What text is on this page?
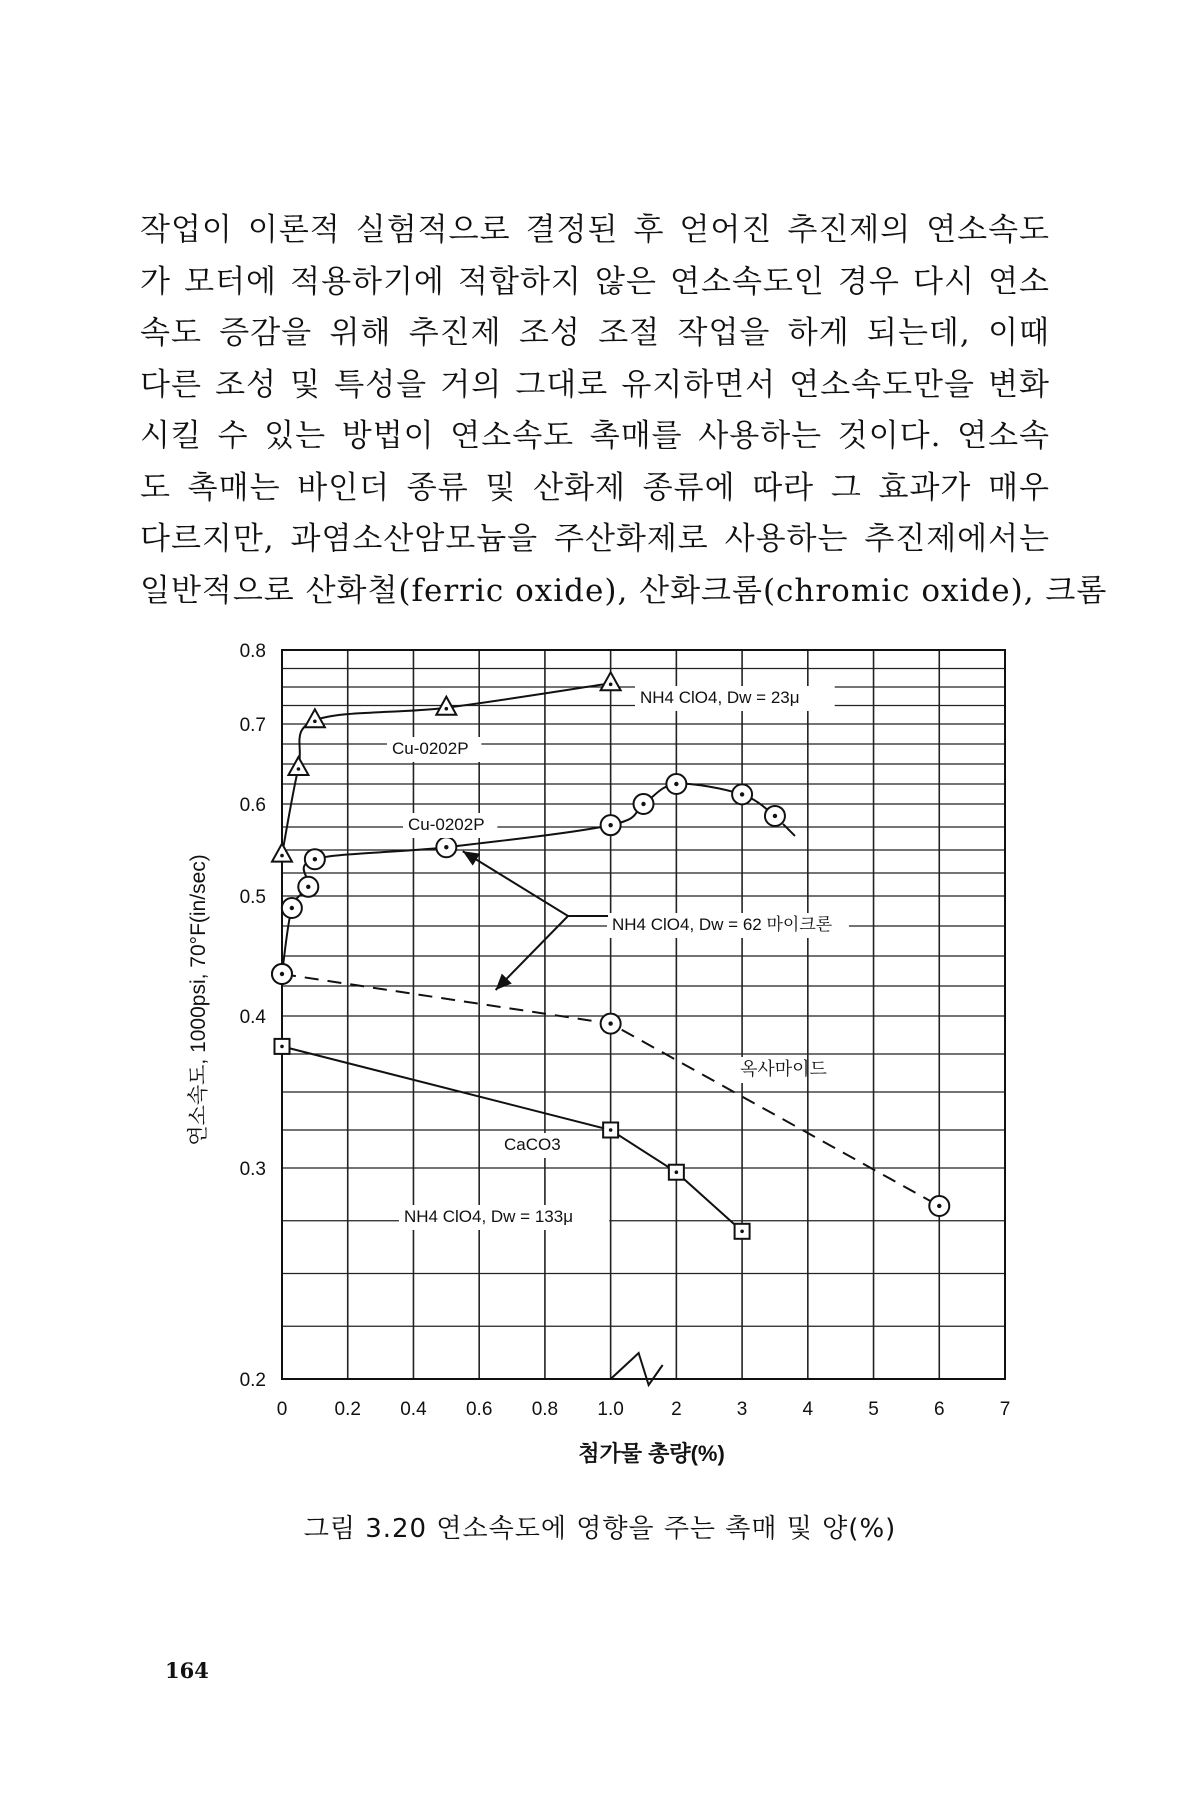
작업이 이론적 실험적으로 결정된 후 얻어진 추진제의 연소속도
가 모터에 적용하기에 적합하지 않은 연소속도인 경우 다시 연소
속도 증감을 위해 추진제 조성 조절 작업을 하게 되는데, 이때
다른 조성 및 특성을 거의 그대로 유지하면서 연소속도만을 변화
시킬 수 있는 방법이 연소속도 촉매를 사용하는 것이다. 연소속
도 촉매는 바인더 종류 및 산화제 종류에 따라 그 효과가 매우
다르지만, 과염소산암모늄을 주산화제로 사용하는 추진제에서는
일반적으로 산화철(ferric oxide), 산화크롬(chromic oxide), 크롬
0.8
0.7
0.6
0.5
0.4
0.3
0.2
0 0.2 0.4 0.6 0.8 1.0 2	3	4	5	6	7
첨가물 총량(%)
연소속도, 1000psi, 70°F(in/sec)
NH4 ClO4, Dw = 23μ
Cu-0202P
Cu-0202P
NH4 ClO4, Dw = 62 마이크론
옥사마이드
CaCO3
NH4 ClO4, Dw = 133μ
그림 3.20 연소속도에 영향을 주는 촉매 및 양(%)
164
